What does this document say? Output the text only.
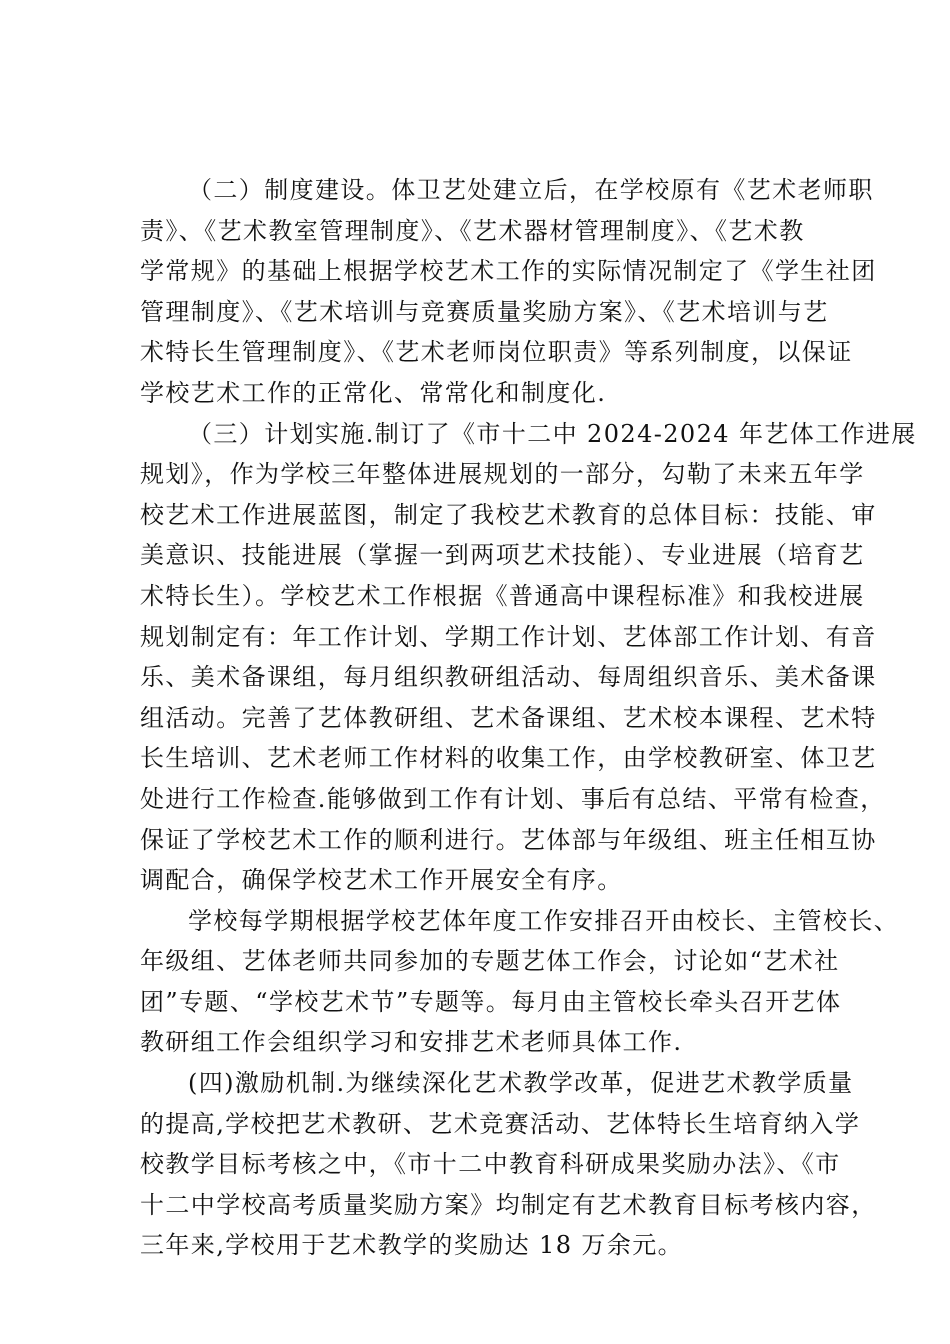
（二）制度建设。体卫艺处建立后，在学校原有《艺术老师职
责》、《艺术教室管理制度》、《艺术器材管理制度》、《艺术教
学常规》的基础上根据学校艺术工作的实际情况制定了《学生社团
管理制度》、《艺术培训与竞赛质量奖励方案》、《艺术培训与艺
术特长生管理制度》、《艺术老师岗位职责》等系列制度，以保证
学校艺术工作的正常化、常常化和制度化.

（三）计划实施.制订了《市十二中 2024-2024 年艺体工作进展
规划》，作为学校三年整体进展规划的一部分，勾勒了未来五年学
校艺术工作进展蓝图，制定了我校艺术教育的总体目标：技能、审
美意识、技能进展（掌握一到两项艺术技能）、专业进展（培育艺
术特长生）。学校艺术工作根据《普通高中课程标准》和我校进展
规划制定有：年工作计划、学期工作计划、艺体部工作计划、有音
乐、美术备课组，每月组织教研组活动、每周组织音乐、美术备课
组活动。完善了艺体教研组、艺术备课组、艺术校本课程、艺术特
长生培训、艺术老师工作材料的收集工作，由学校教研室、体卫艺
处进行工作检查.能够做到工作有计划、事后有总结、平常有检查，
保证了学校艺术工作的顺利进行。艺体部与年级组、班主任相互协
调配合，确保学校艺术工作开展安全有序。

学校每学期根据学校艺体年度工作安排召开由校长、主管校长、
年级组、艺体老师共同参加的专题艺体工作会，讨论如“艺术社
团”专题、“学校艺术节”专题等。每月由主管校长牵头召开艺体
教研组工作会组织学习和安排艺术老师具体工作.

(四)激励机制.为继续深化艺术教学改革，促进艺术教学质量
的提高,学校把艺术教研、艺术竞赛活动、艺体特长生培育纳入学
校教学目标考核之中，《市十二中教育科研成果奖励办法》、《市
十二中学校高考质量奖励方案》均制定有艺术教育目标考核内容，
三年来,学校用于艺术教学的奖励达 18 万余元。
